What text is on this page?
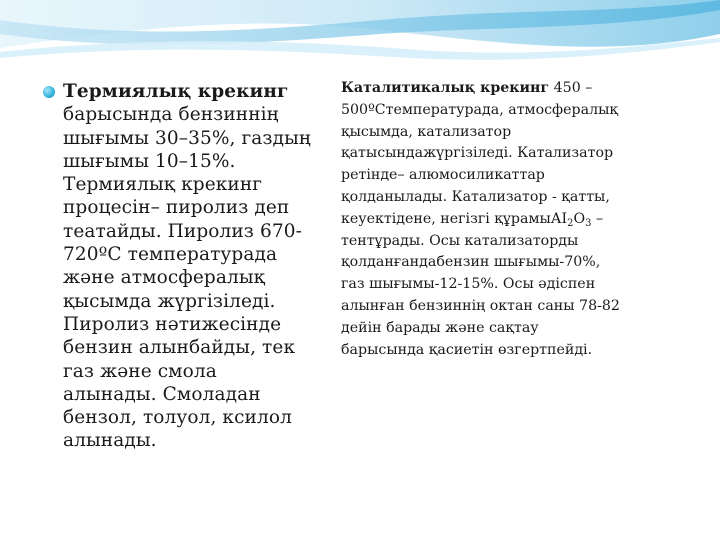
Термиялық крекинг барысында бензиннің шығымы 30–35%, газдың шығымы 10–15%. Термиялық крекинг процесін– пиролиз деп театайды. Пиролиз 670-720ºС температурада және атмосфералық қысымда жүргізіледі. Пиролиз нәтижесінде бензин алынбайды, тек газ және смола алынады. Смоладан бензол, толуол, ксилол алынады.
Каталитикалық крекинг 450 – 500ºСтемпературада, атмосфералық қысымда, катализатор қатысындажүргізіледі. Катализатор ретінде– алюмосиликаттар қолданылады. Катализатор - қатты, кеуектідене, негізгі $құрамыАI_2O_3$ –тентұрады. Осы катализаторды қолданғандабензин шығымы-70%, газ шығымы-12-15%. Осы әдіспен алынған бензиннің октан саны 78-82 дейін барады және сақтау барысында қасиетін өзгертпейді.
